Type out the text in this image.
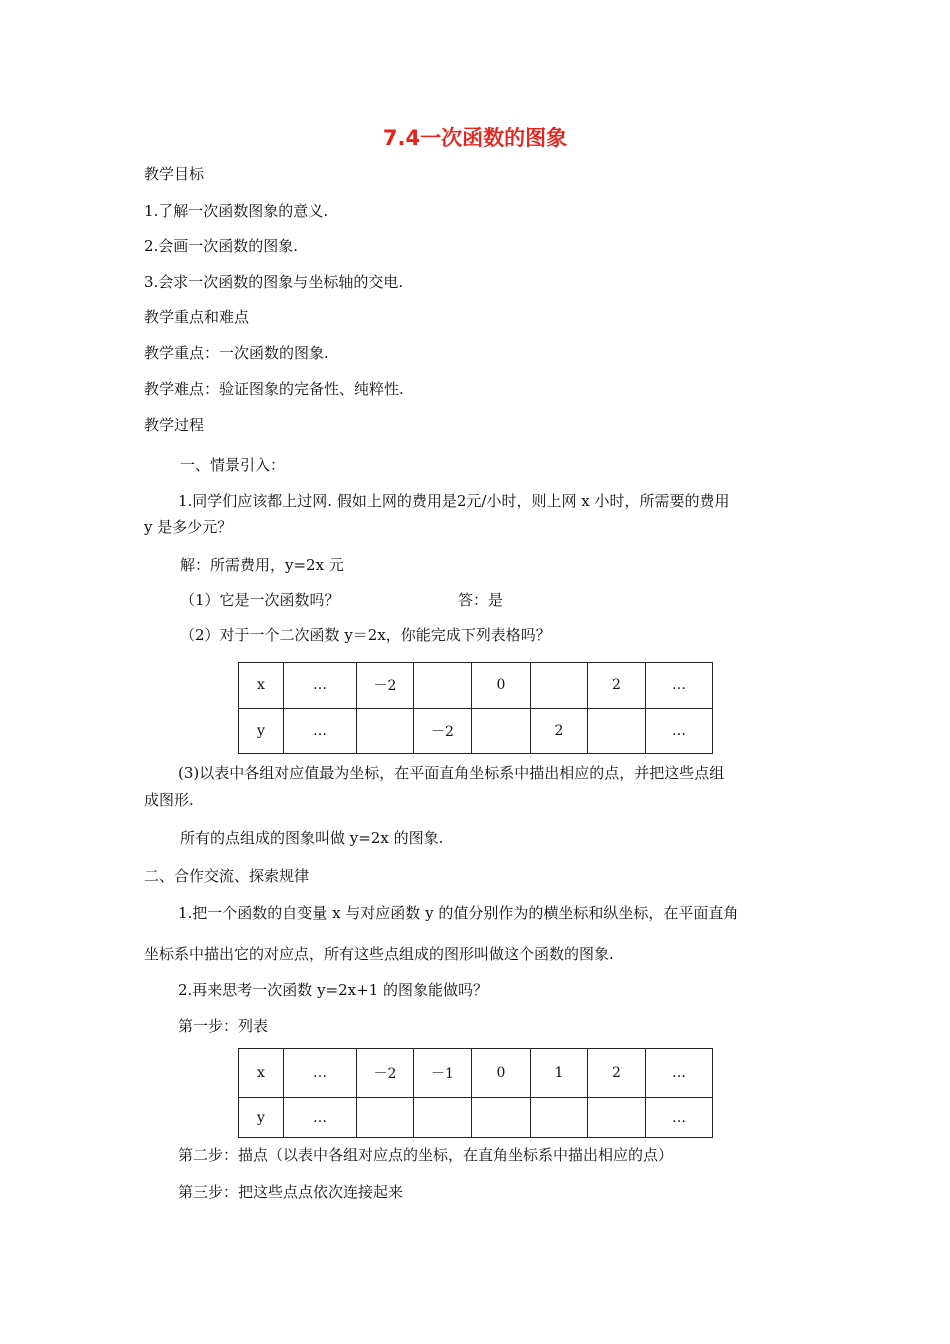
7.4一次函数的图象
教学目标
1.了解一次函数图象的意义.
2.会画一次函数的图象.
3.会求一次函数的图象与坐标轴的交电.
教学重点和难点
教学重点：一次函数的图象.
教学难点：验证图象的完备性、纯粹性.
教学过程
一、情景引入：
1.同学们应该都上过网. 假如上网的费用是2元/小时，则上网 x 小时，所需要的费用
y 是多少元？
解：所需费用，y=2x 元
（1）它是一次函数吗？	答：是
（2）对于一个二次函数 y＝2x，你能完成下列表格吗？
x	…	－2		0		2	…
y	…		－2		2		…
(3)以表中各组对应值最为坐标，在平面直角坐标系中描出相应的点，并把这些点组
成图形.
所有的点组成的图象叫做 y=2x 的图象.
二、合作交流、探索规律
1.把一个函数的自变量 x 与对应函数 y 的值分别作为的横坐标和纵坐标，在平面直角
坐标系中描出它的对应点，所有这些点组成的图形叫做这个函数的图象.
2.再来思考一次函数 y=2x+1 的图象能做吗？
第一步：列表
x	…	－2	－1	0	1	2	…
y	…						…
第二步：描点（以表中各组对应点的坐标，在直角坐标系中描出相应的点）
第三步：把这些点点依次连接起来
